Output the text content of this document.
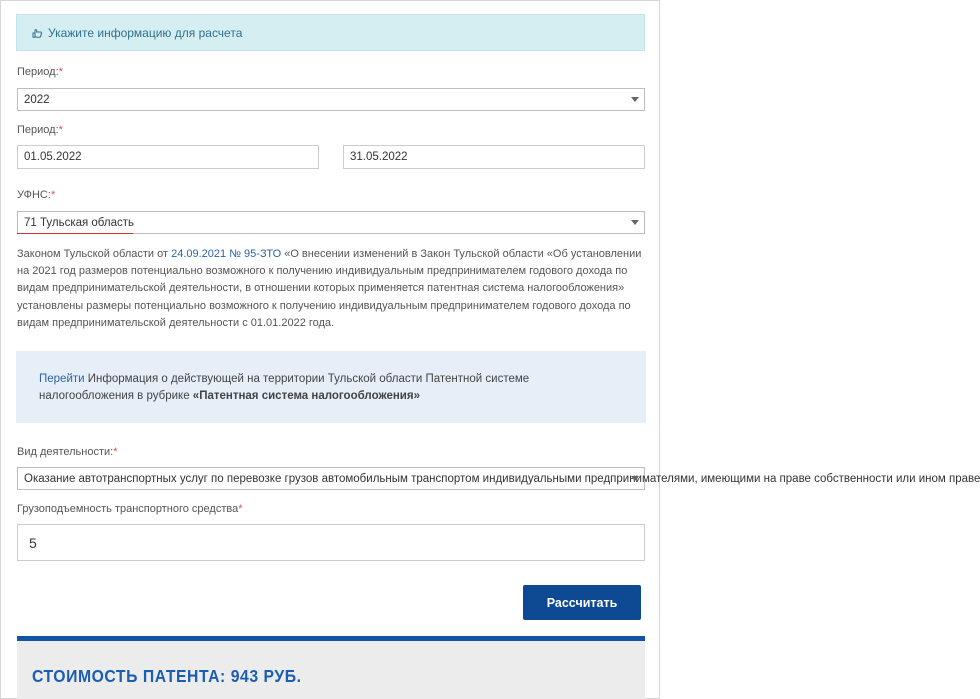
Укажите информацию для расчета
Период:*
2022
Период:*
01.05.2022	31.05.2022
УФНС:*
71 Тульская область
Законом Тульской области от 24.09.2021 № 95-ЗТО «О внесении изменений в Закон Тульской области «Об установлении на 2021 год размеров потенциально возможного к получению индивидуальным предпринимателем годового дохода по видам предпринимательской деятельности, в отношении которых применяется патентная система налогообложения» установлены размеры потенциально возможного к получению индивидуальным предпринимателем годового дохода по видам предпринимательской деятельности с 01.01.2022 года.
Перейти Информация о действующей на территории Тульской области Патентной системе налогообложения в рубрике «Патентная система налогообложения»
Вид деятельности:*
Оказание автотранспортных услуг по перевозке грузов автомобильным транспортом индивидуальными предпринимателями, имеющими на праве собственности или ином праве
Грузоподъемность транспортного средства*
5
Рассчитать
СТОИМОСТЬ ПАТЕНТА: 943 РУБ.
